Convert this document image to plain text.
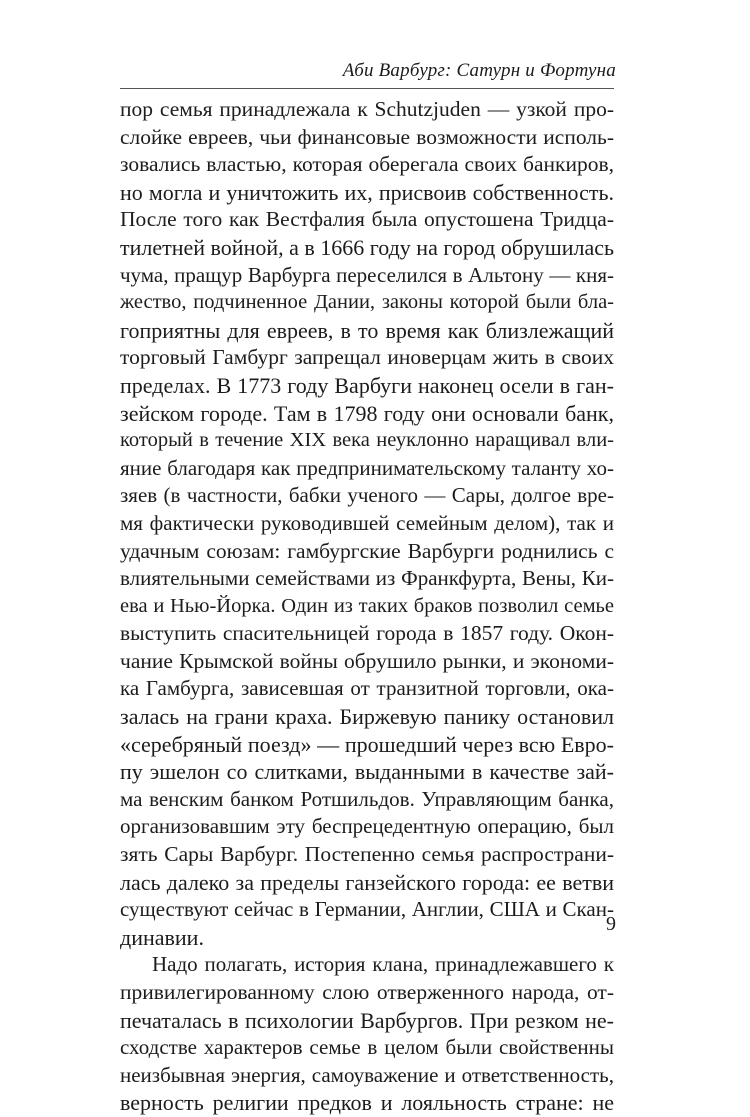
Аби Варбург: Сатурн и Фортуна
пор семья принадлежала к Schutzjuden — узкой про-
слойке евреев, чьи финансовые возможности исполь-
зовались властью, которая оберегала своих банкиров,
но могла и уничтожить их, присвоив собственность.
После того как Вестфалия была опустошена Тридца-
тилетней войной, а в 1666 году на город обрушилась
чума, пращур Варбурга переселился в Альтону — кня-
жество, подчиненное Дании, законы которой были бла-
гоприятны для евреев, в то время как близлежащий
торговый Гамбург запрещал иноверцам жить в своих
пределах. В 1773 году Варбуги наконец осели в ган-
зейском городе. Там в 1798 году они основали банк,
который в течение XIX века неуклонно наращивал вли-
яние благодаря как предпринимательскому таланту хо-
зяев (в частности, бабки ученого — Сары, долгое вре-
мя фактически руководившей семейным делом), так и
удачным союзам: гамбургские Варбурги роднились с
влиятельными семействами из Франкфурта, Вены, Ки-
ева и Нью-Йорка. Один из таких браков позволил семье
выступить спасительницей города в 1857 году. Окон-
чание Крымской войны обрушило рынки, и экономи-
ка Гамбурга, зависевшая от транзитной торговли, ока-
залась на грани краха. Биржевую панику остановил
«серебряный поезд» — прошедший через всю Евро-
пу эшелон со слитками, выданными в качестве зай-
ма венским банком Ротшильдов. Управляющим банка,
организовавшим эту беспрецедентную операцию, был
зять Сары Варбург. Постепенно семья распространи-
лась далеко за пределы ганзейского города: ее ветви
существуют сейчас в Германии, Англии, США и Скан-
динавии.
Надо полагать, история клана, принадлежавшего к
привилегированному слою отверженного народа, от-
печаталась в психологии Варбургов. При резком не-
сходстве характеров семье в целом были свойственны
неизбывная энергия, самоуважение и ответственность,
верность религии предков и лояльность стране: не
9
